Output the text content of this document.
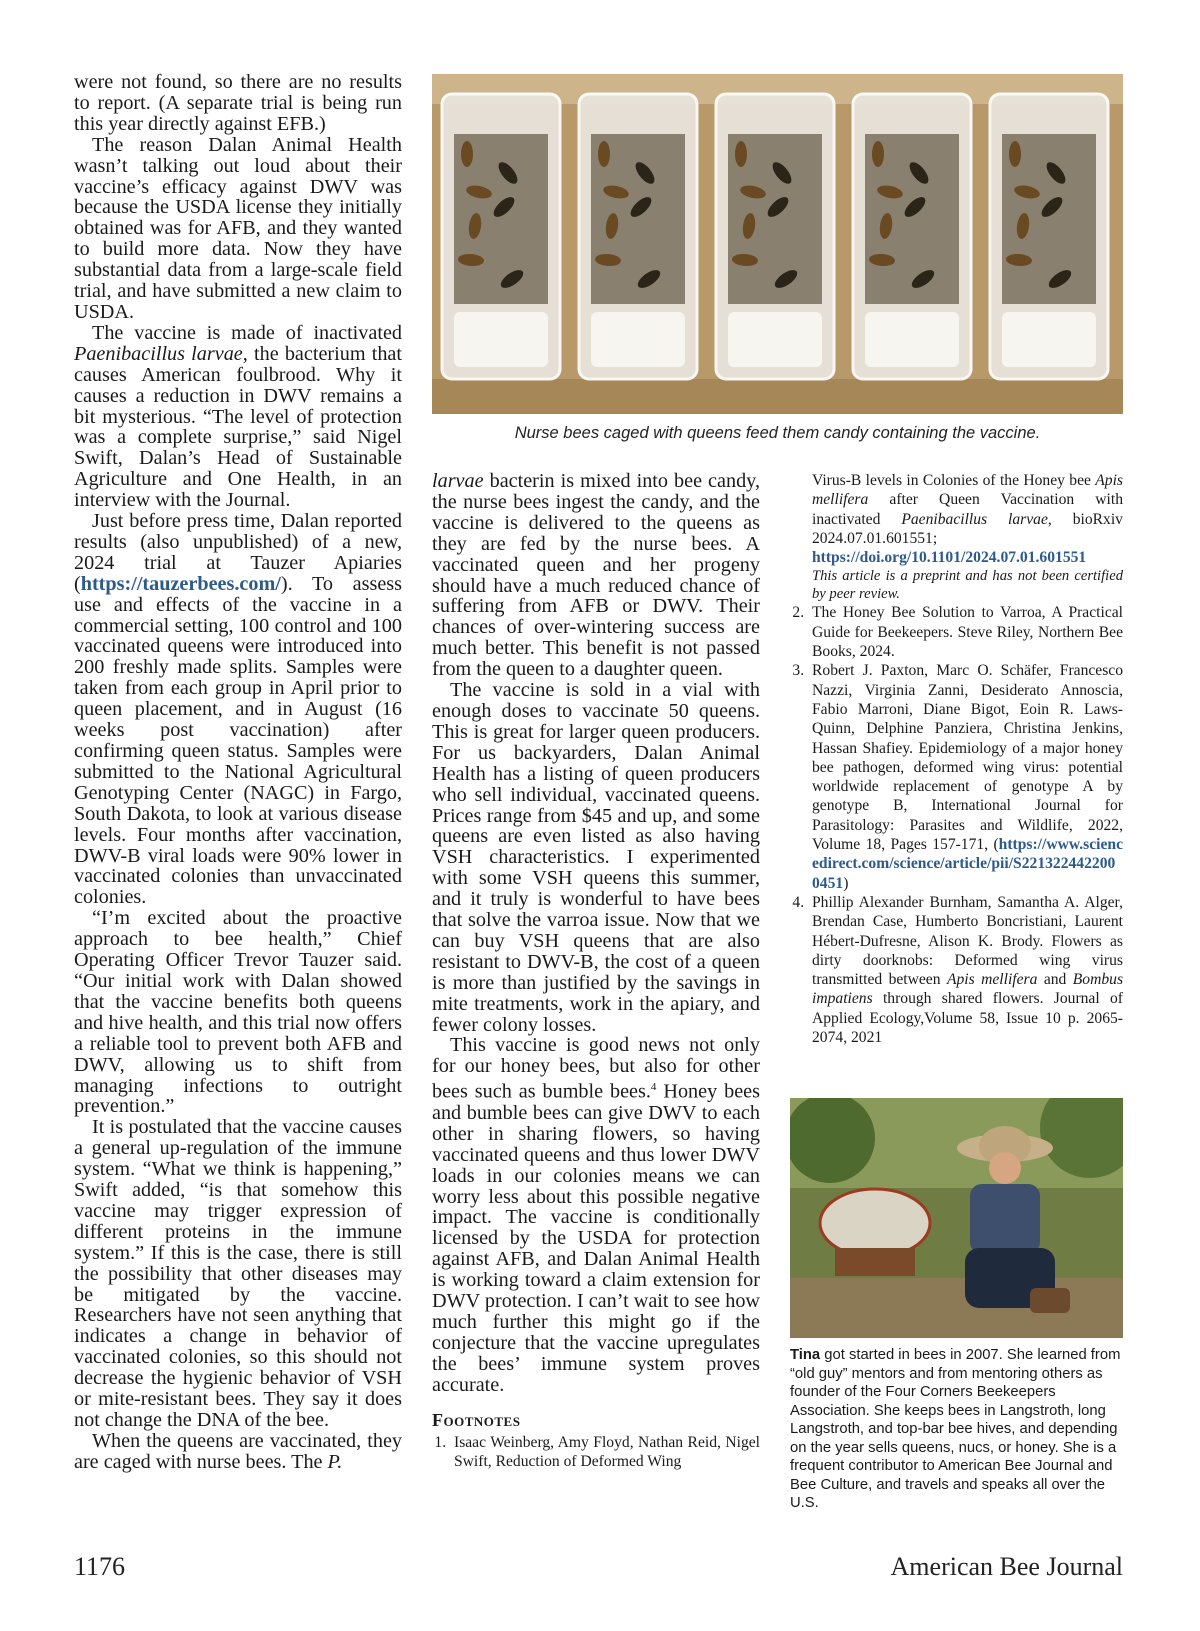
were not found, so there are no results to report. (A separate trial is being run this year directly against EFB.)

The reason Dalan Animal Health wasn’t talking out loud about their vaccine’s efficacy against DWV was because the USDA license they initially obtained was for AFB, and they wanted to build more data. Now they have substantial data from a large-scale field trial, and have submitted a new claim to USDA.

The vaccine is made of inactivated Paenibacillus larvae, the bacterium that causes American foulbrood. Why it causes a reduction in DWV remains a bit mysterious. “The level of protection was a complete surprise,” said Nigel Swift, Dalan’s Head of Sustainable Agriculture and One Health, in an interview with the Journal.

Just before press time, Dalan reported results (also unpublished) of a new, 2024 trial at Tauzer Apiaries (https://tauzerbees.com/). To assess use and effects of the vaccine in a commercial setting, 100 control and 100 vaccinated queens were introduced into 200 freshly made splits. Samples were taken from each group in April prior to queen placement, and in August (16 weeks post vaccination) after confirming queen status. Samples were submitted to the National Agricultural Genotyping Center (NAGC) in Fargo, South Dakota, to look at various disease levels. Four months after vaccination, DWV-B viral loads were 90% lower in vaccinated colonies than unvaccinated colonies.

“I’m excited about the proactive approach to bee health,” Chief Operating Officer Trevor Tauzer said. “Our initial work with Dalan showed that the vaccine benefits both queens and hive health, and this trial now offers a reliable tool to prevent both AFB and DWV, allowing us to shift from managing infections to outright prevention.”

It is postulated that the vaccine causes a general up-regulation of the immune system. “What we think is happening,” Swift added, “is that somehow this vaccine may trigger expression of different proteins in the immune system.” If this is the case, there is still the possibility that other diseases may be mitigated by the vaccine. Researchers have not seen anything that indicates a change in behavior of vaccinated colonies, so this should not decrease the hygienic behavior of VSH or mite-resistant bees. They say it does not change the DNA of the bee.

When the queens are vaccinated, they are caged with nurse bees. The P.

Nurse bees caged with queens feed them candy containing the vaccine.

larvae bacterin is mixed into bee candy, the nurse bees ingest the candy, and the vaccine is delivered to the queens as they are fed by the nurse bees. A vaccinated queen and her progeny should have a much reduced chance of suffering from AFB or DWV. Their chances of over-wintering success are much better. This benefit is not passed from the queen to a daughter queen.

The vaccine is sold in a vial with enough doses to vaccinate 50 queens. This is great for larger queen producers. For us backyarders, Dalan Animal Health has a listing of queen producers who sell individual, vaccinated queens. Prices range from $45 and up, and some queens are even listed as also having VSH characteristics. I experimented with some VSH queens this summer, and it truly is wonderful to have bees that solve the varroa issue. Now that we can buy VSH queens that are also resistant to DWV-B, the cost of a queen is more than justified by the savings in mite treatments, work in the apiary, and fewer colony losses.

This vaccine is good news not only for our honey bees, but also for other bees such as bumble bees.$^4$ Honey bees and bumble bees can give DWV to each other in sharing flowers, so having vaccinated queens and thus lower DWV loads in our colonies means we can worry less about this possible negative impact. The vaccine is conditionally licensed by the USDA for protection against AFB, and Dalan Animal Health is working toward a claim extension for DWV protection. I can’t wait to see how much further this might go if the conjecture that the vaccine upregulates the bees’ immune system proves accurate.

Footnotes
1. Isaac Weinberg, Amy Floyd, Nathan Reid, Nigel Swift, Reduction of Deformed Wing
Virus-B levels in Colonies of the Honey bee Apis mellifera after Queen Vaccination with inactivated Paenibacillus larvae, bioRxiv 2024.07.01.601551; https://doi.org/10.1101/2024.07.01.601551
This article is a preprint and has not been certified by peer review.
2. The Honey Bee Solution to Varroa, A Practical Guide for Beekeepers. Steve Riley, Northern Bee Books, 2024.
3. Robert J. Paxton, Marc O. Schäfer, Francesco Nazzi, Virginia Zanni, Desiderato Annoscia, Fabio Marroni, Diane Bigot, Eoin R. Laws-Quinn, Delphine Panziera, Christina Jenkins, Hassan Shafiey. Epidemiology of a major honey bee pathogen, deformed wing virus: potential worldwide replacement of genotype A by genotype B, International Journal for Parasitology: Parasites and Wildlife, 2022, Volume 18, Pages 157-171, (https://www.sciencedirect.com/science/article/pii/S2213224422000451)
4. Phillip Alexander Burnham, Samantha A. Alger, Brendan Case, Humberto Boncristiani, Laurent Hébert-Dufresne, Alison K. Brody. Flowers as dirty doorknobs: Deformed wing virus transmitted between Apis mellifera and Bombus impatiens through shared flowers. Journal of Applied Ecology,Volume 58, Issue 10 p. 2065-2074, 2021
Tina got started in bees in 2007. She learned from “old guy” mentors and from mentoring others as founder of the Four Corners Beekeepers Association. She keeps bees in Langstroth, long Langstroth, and top-bar bee hives, and depending on the year sells queens, nucs, or honey. She is a frequent contributor to American Bee Journal and Bee Culture, and travels and speaks all over the U.S.
1176	American Bee Journal
